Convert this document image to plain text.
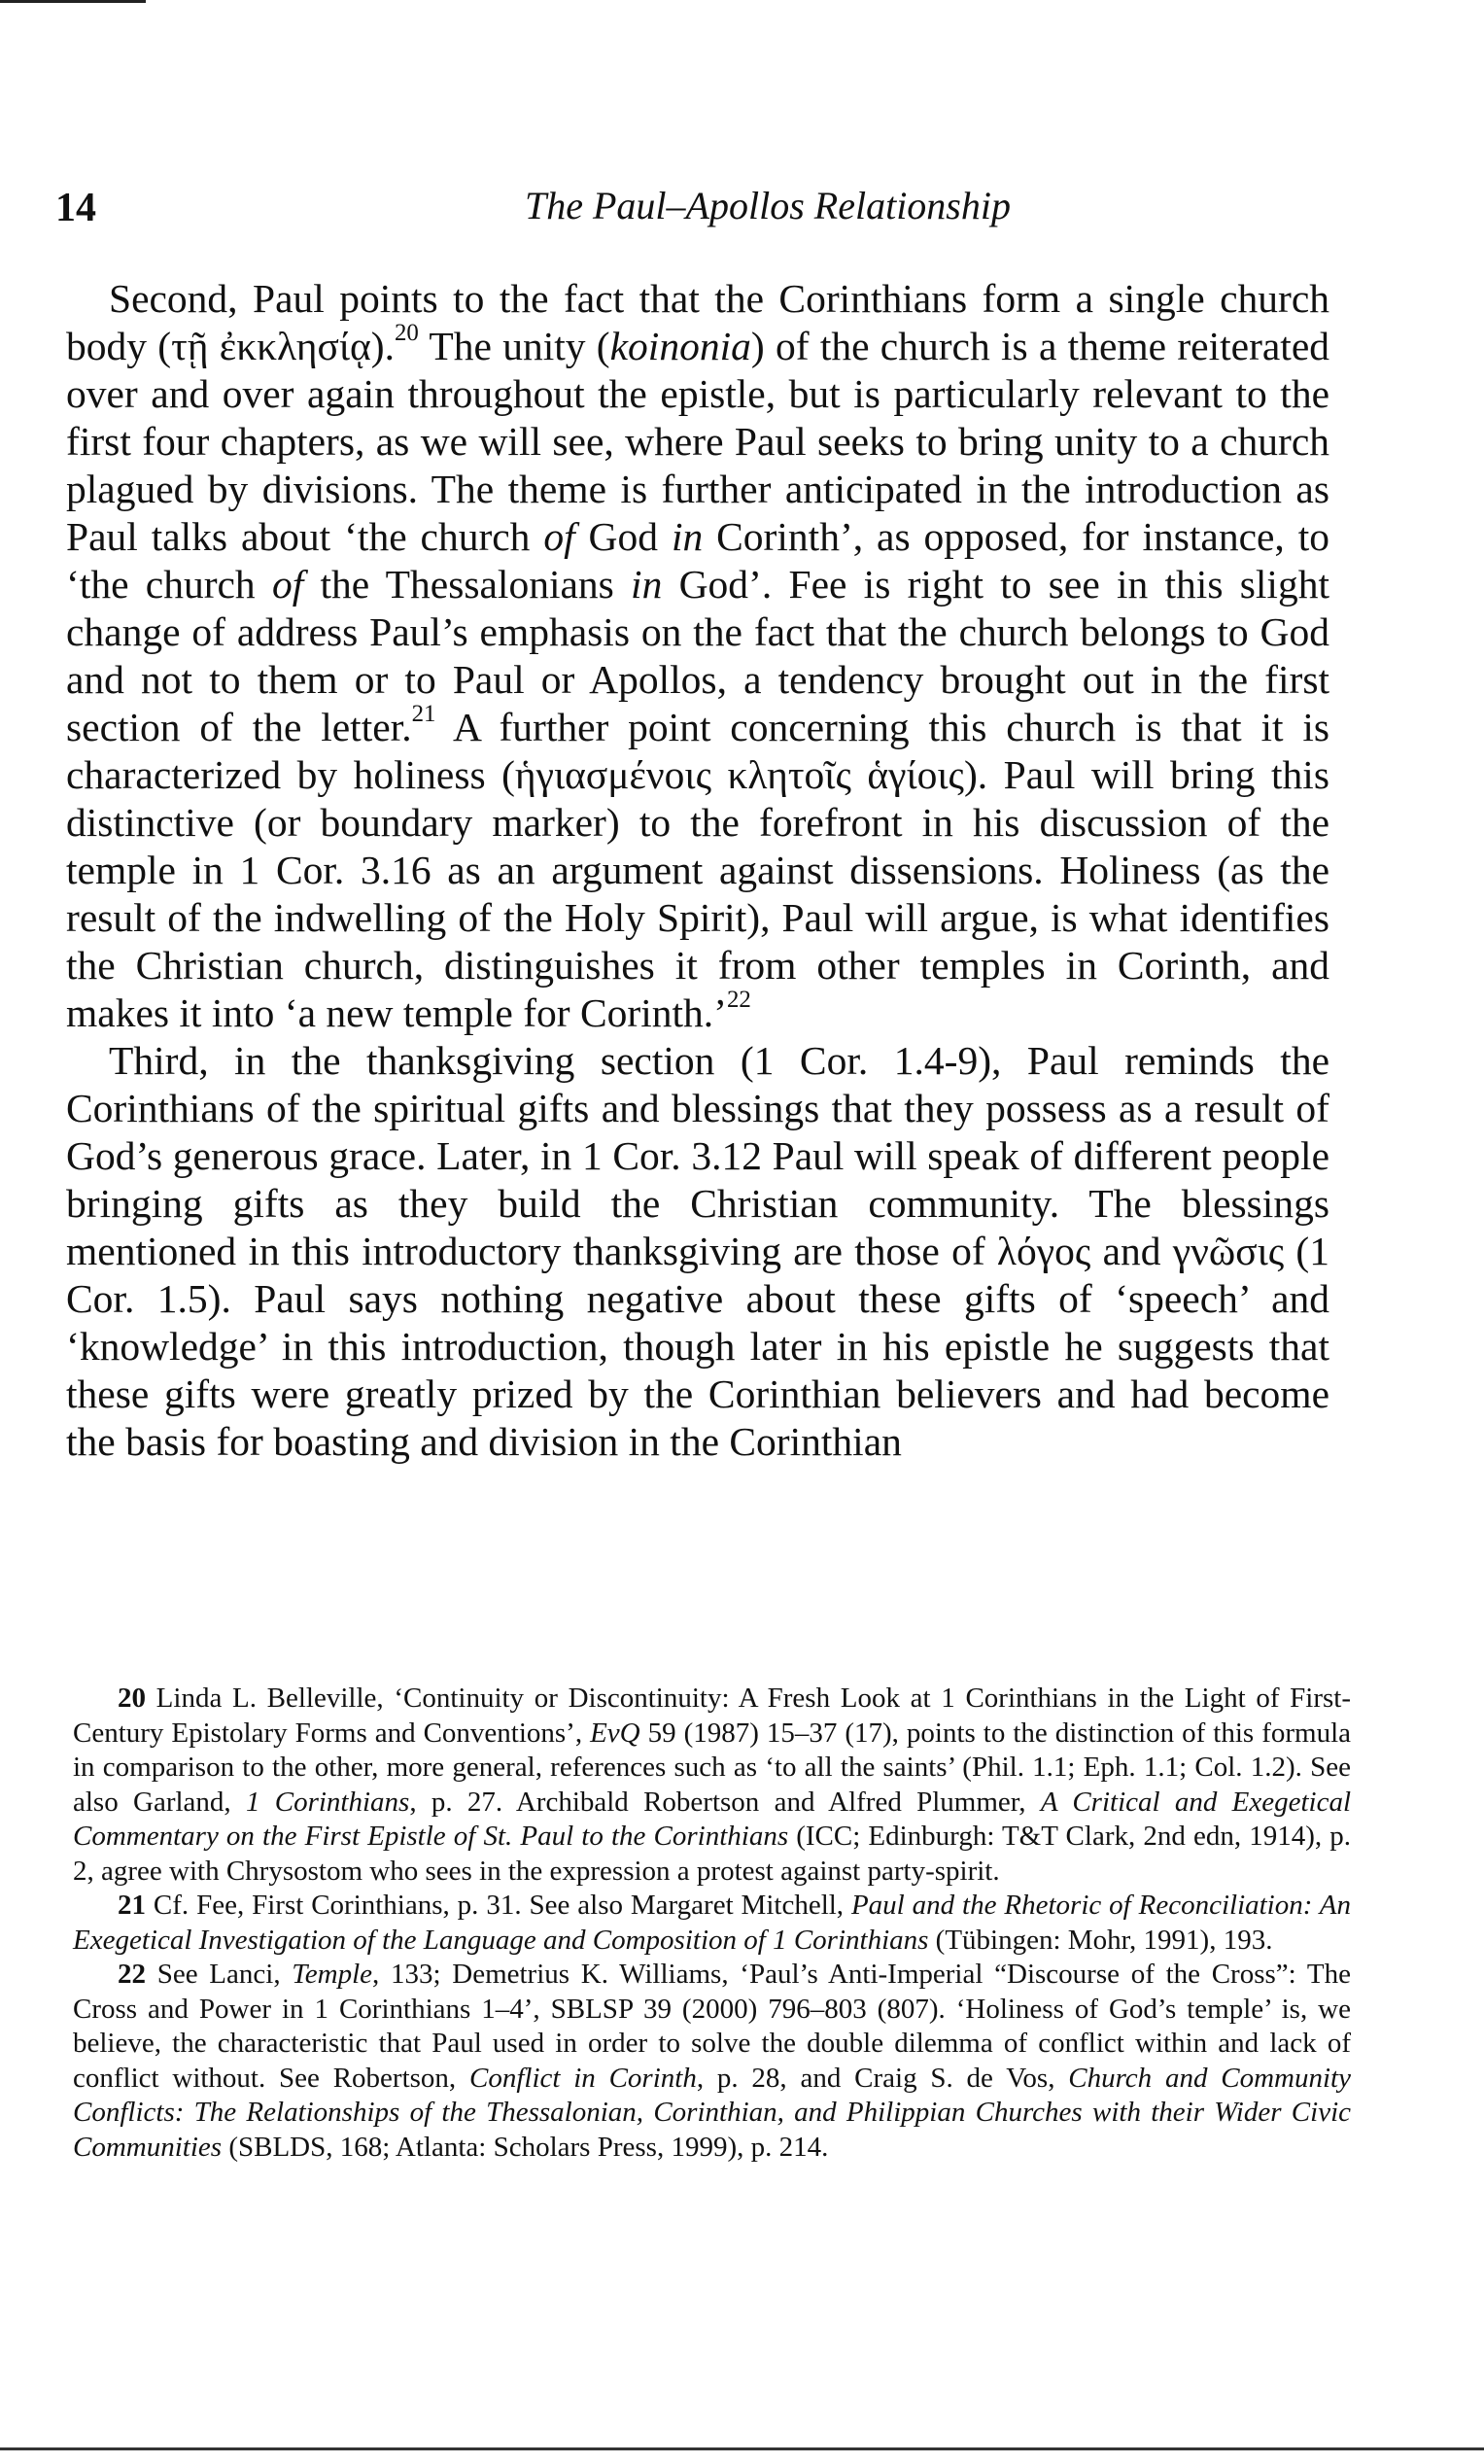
14	The Paul–Apollos Relationship

Second, Paul points to the fact that the Corinthians form a single church body (τῇ ἐκκλησίᾳ).$^{20}$ The unity (koinonia) of the church is a theme reiterated over and over again throughout the epistle, but is particularly relevant to the first four chapters, as we will see, where Paul seeks to bring unity to a church plagued by divisions. The theme is further anticipated in the introduction as Paul talks about ‘the church of God in Corinth’, as opposed, for instance, to ‘the church of the Thessalonians in God’. Fee is right to see in this slight change of address Paul’s emphasis on the fact that the church belongs to God and not to them or to Paul or Apollos, a tendency brought out in the first section of the letter.$^{21}$ A further point concerning this church is that it is characterized by holiness (ἡγιασμένοις κλητοῖς ἁγίοις). Paul will bring this distinctive (or boundary marker) to the forefront in his discussion of the temple in 1 Cor. 3.16 as an argument against dissensions. Holiness (as the result of the indwelling of the Holy Spirit), Paul will argue, is what identifies the Christian church, distinguishes it from other temples in Corinth, and makes it into ‘a new temple for Corinth.’$^{22}$

Third, in the thanksgiving section (1 Cor. 1.4-9), Paul reminds the Corinthians of the spiritual gifts and blessings that they possess as a result of God’s generous grace. Later, in 1 Cor. 3.12 Paul will speak of different people bringing gifts as they build the Christian community. The blessings mentioned in this introductory thanksgiving are those of λόγος and γνῶσις (1 Cor. 1.5). Paul says nothing negative about these gifts of ‘speech’ and ‘knowledge’ in this introduction, though later in his epistle he suggests that these gifts were greatly prized by the Corinthian believers and had become the basis for boasting and division in the Corinthian

20 Linda L. Belleville, ‘Continuity or Discontinuity: A Fresh Look at 1 Corinthians in the Light of First-Century Epistolary Forms and Conventions’, EvQ 59 (1987) 15–37 (17), points to the distinction of this formula in comparison to the other, more general, references such as ‘to all the saints’ (Phil. 1.1; Eph. 1.1; Col. 1.2). See also Garland, 1 Corinthians, p. 27. Archibald Robertson and Alfred Plummer, A Critical and Exegetical Commentary on the First Epistle of St. Paul to the Corinthians (ICC; Edinburgh: T&T Clark, 2nd edn, 1914), p. 2, agree with Chrysostom who sees in the expression a protest against party-spirit.

21 Cf. Fee, First Corinthians, p. 31. See also Margaret Mitchell, Paul and the Rhetoric of Reconciliation: An Exegetical Investigation of the Language and Composition of 1 Corinthians (Tübingen: Mohr, 1991), 193.

22 See Lanci, Temple, 133; Demetrius K. Williams, ‘Paul’s Anti-Imperial “Discourse of the Cross”: The Cross and Power in 1 Corinthians 1–4’, SBLSP 39 (2000) 796–803 (807). ‘Holiness of God’s temple’ is, we believe, the characteristic that Paul used in order to solve the double dilemma of conflict within and lack of conflict without. See Robertson, Conflict in Corinth, p. 28, and Craig S. de Vos, Church and Community Conflicts: The Relationships of the Thessalonian, Corinthian, and Philippian Churches with their Wider Civic Communities (SBLDS, 168; Atlanta: Scholars Press, 1999), p. 214.
